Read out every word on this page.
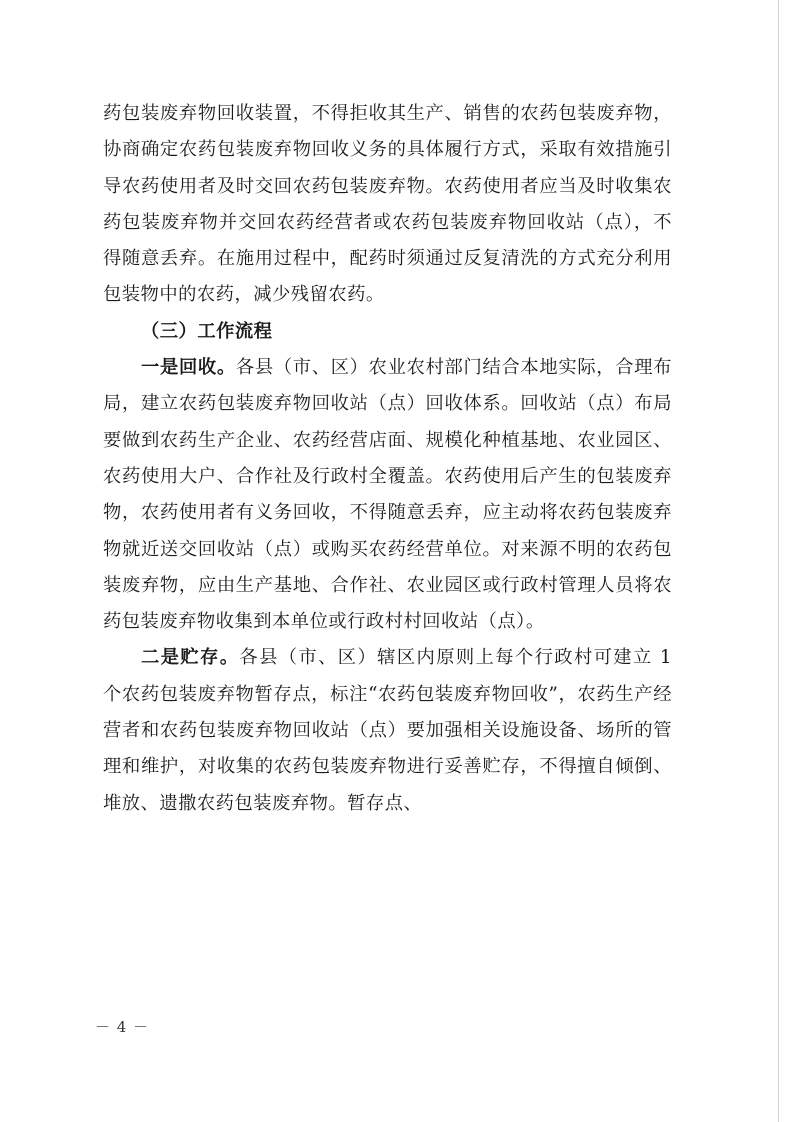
药包装废弃物回收装置，不得拒收其生产、销售的农药包装废弃物，协商确定农药包装废弃物回收义务的具体履行方式，采取有效措施引导农药使用者及时交回农药包装废弃物。农药使用者应当及时收集农药包装废弃物并交回农药经营者或农药包装废弃物回收站（点），不得随意丢弃。在施用过程中，配药时须通过反复清洗的方式充分利用包装物中的农药，减少残留农药。

（三）工作流程

一是回收。各县（市、区）农业农村部门结合本地实际，合理布局，建立农药包装废弃物回收站（点）回收体系。回收站（点）布局要做到农药生产企业、农药经营店面、规模化种植基地、农业园区、农药使用大户、合作社及行政村全覆盖。农药使用后产生的包装废弃物，农药使用者有义务回收，不得随意丢弃，应主动将农药包装废弃物就近送交回收站（点）或购买农药经营单位。对来源不明的农药包装废弃物，应由生产基地、合作社、农业园区或行政村管理人员将农药包装废弃物收集到本单位或行政村村回收站（点）。

二是贮存。各县（市、区）辖区内原则上每个行政村可建立 1 个农药包装废弃物暂存点，标注“农药包装废弃物回收”，农药生产经营者和农药包装废弃物回收站（点）要加强相关设施设备、场所的管理和维护，对收集的农药包装废弃物进行妥善贮存，不得擅自倾倒、堆放、遗撒农药包装废弃物。暂存点、

－ 4 －
